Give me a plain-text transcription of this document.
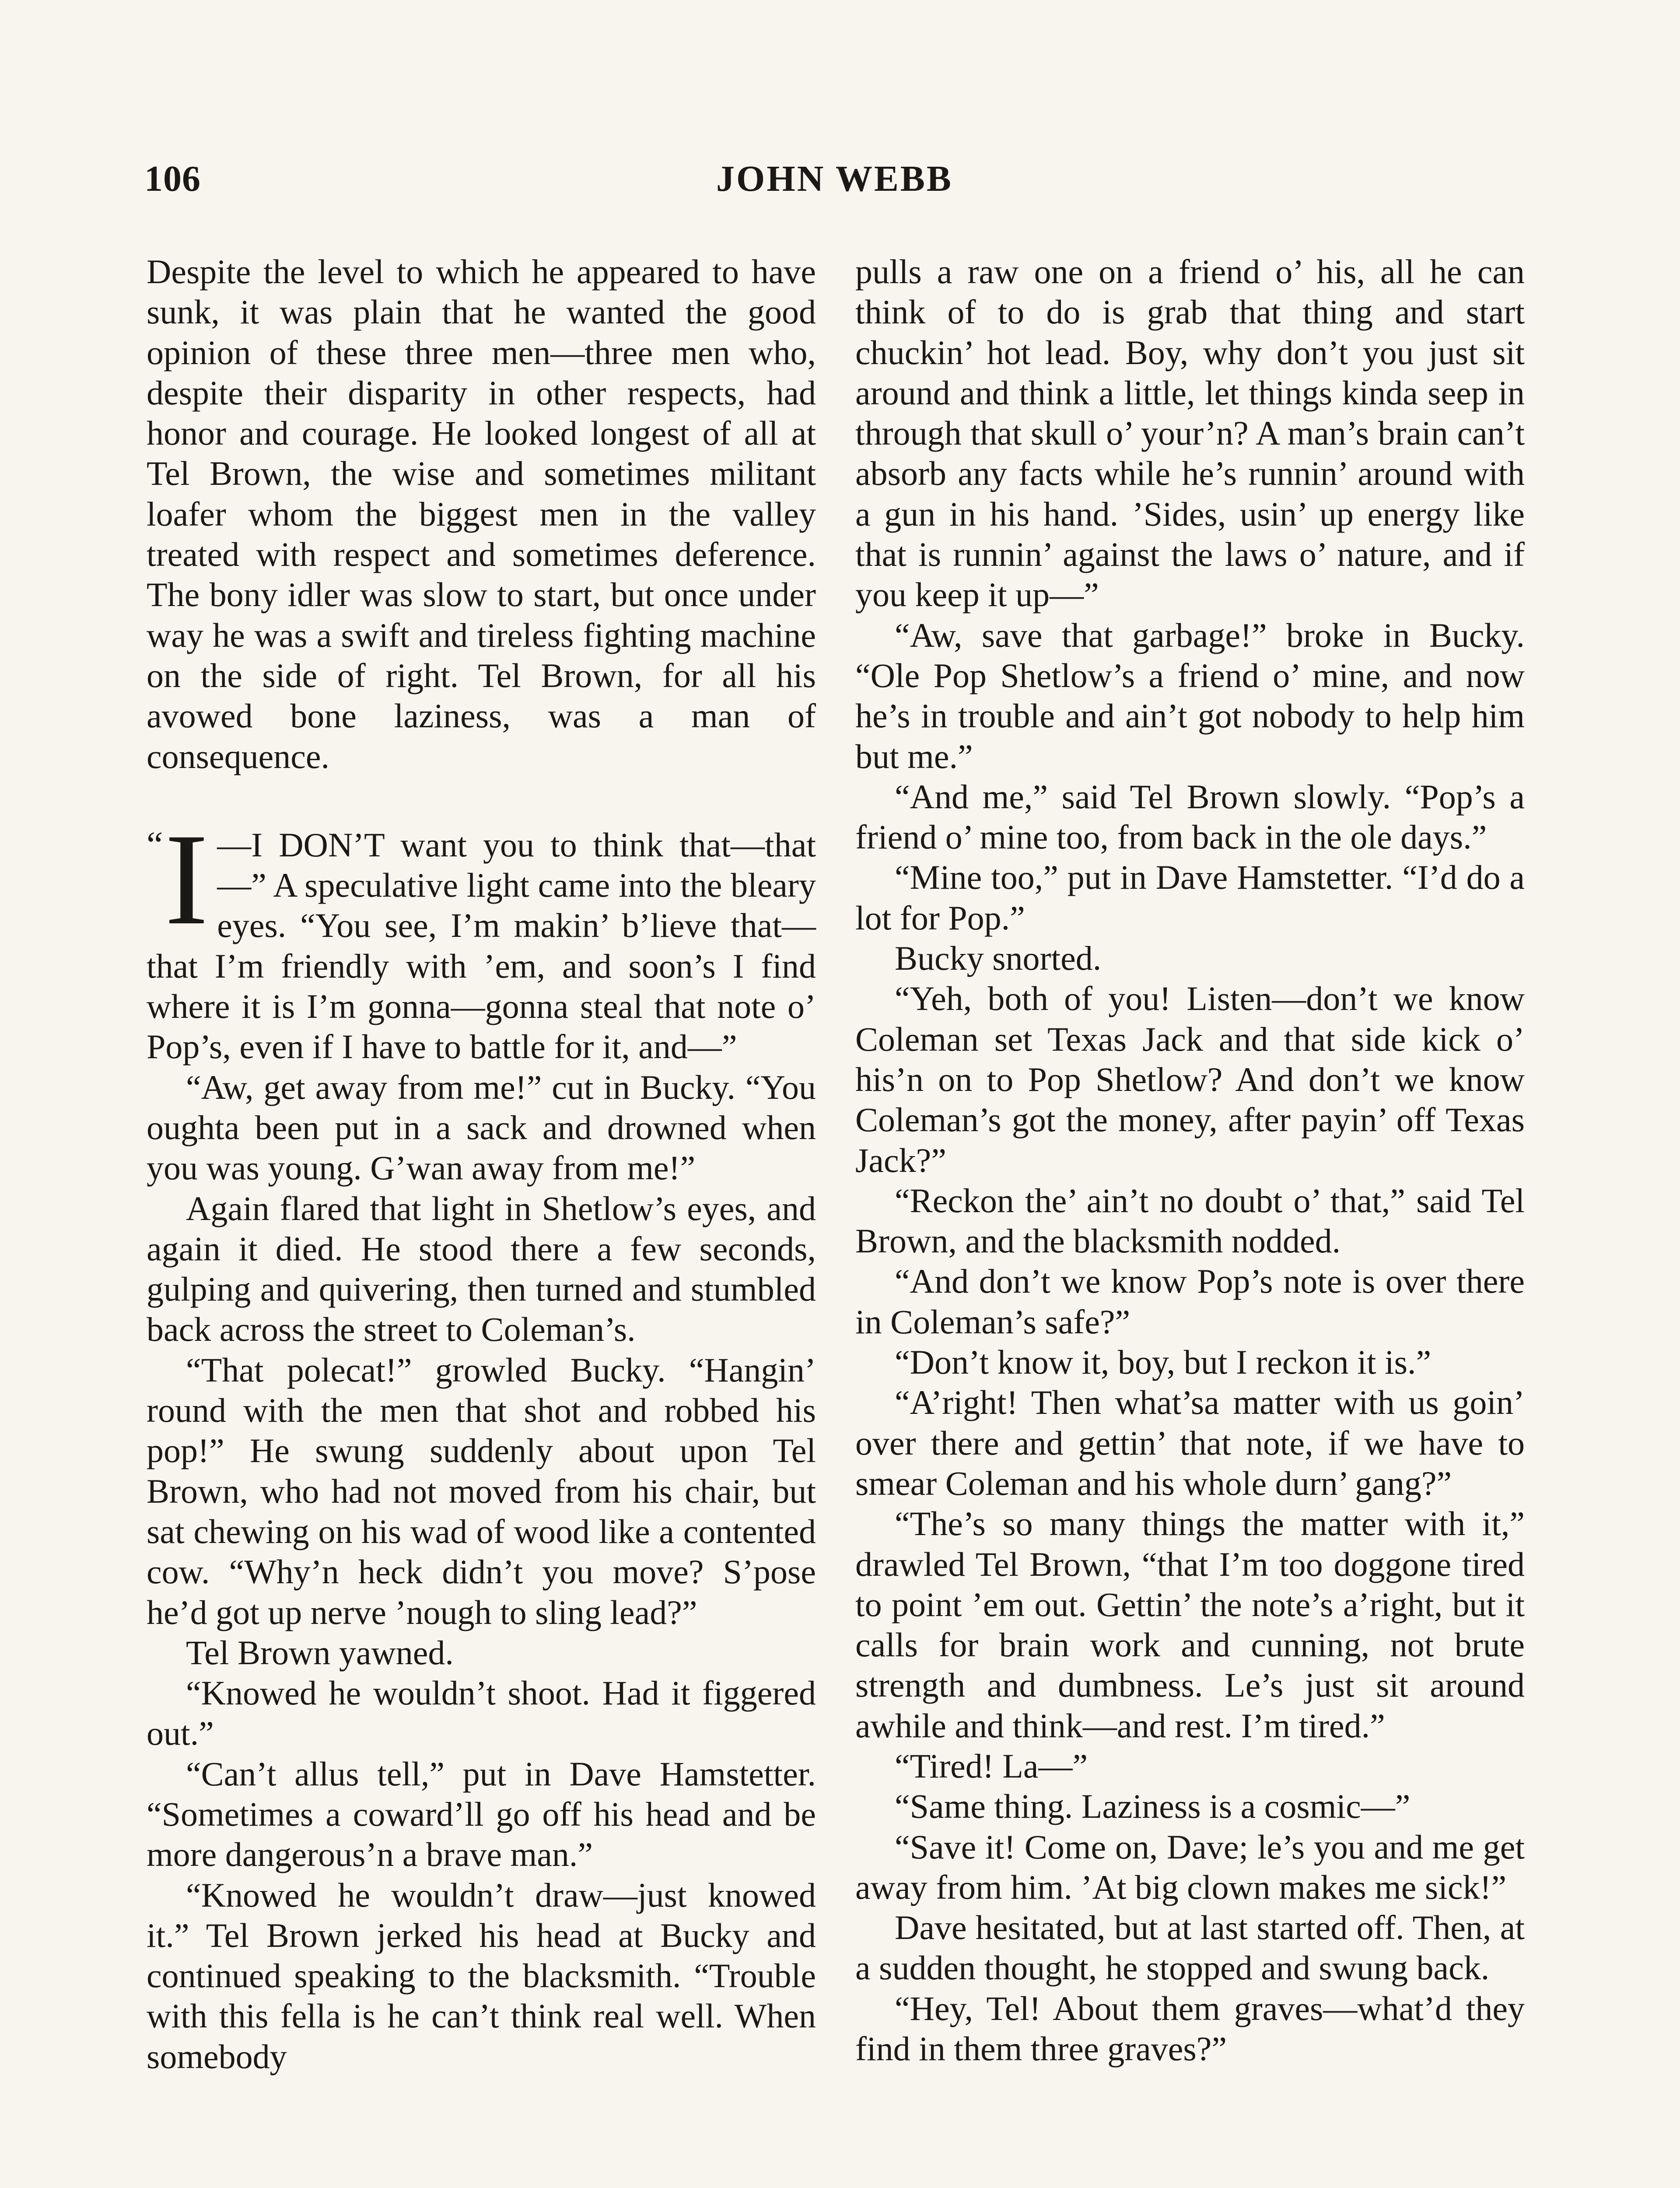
106	JOHN WEBB

Despite the level to which he appeared to have sunk, it was plain that he wanted the good opinion of these three men—three men who, despite their disparity in other respects, had honor and courage. He looked longest of all at Tel Brown, the wise and sometimes militant loafer whom the biggest men in the valley treated with respect and sometimes deference. The bony idler was slow to start, but once under way he was a swift and tireless fighting machine on the side of right. Tel Brown, for all his avowed bone laziness, was a man of consequence.

“ I —I DON’T want you to think that—that—” A speculative light came into the bleary eyes. “You see, I’m makin’ b’lieve that—that I’m friendly with ’em, and soon’s I find where it is I’m gonna—gonna steal that note o’ Pop’s, even if I have to battle for it, and—”

“Aw, get away from me!” cut in Bucky. “You oughta been put in a sack and drowned when you was young. G’wan away from me!”

Again flared that light in Shetlow’s eyes, and again it died. He stood there a few seconds, gulping and quivering, then turned and stumbled back across the street to Coleman’s.

“That polecat!” growled Bucky. “Hangin’ round with the men that shot and robbed his pop!” He swung suddenly about upon Tel Brown, who had not moved from his chair, but sat chewing on his wad of wood like a contented cow. “Why’n heck didn’t you move? S’pose he’d got up nerve ’nough to sling lead?”

Tel Brown yawned.

“Knowed he wouldn’t shoot. Had it figgered out.”

“Can’t allus tell,” put in Dave Hamstetter. “Sometimes a coward’ll go off his head and be more dangerous’n a brave man.”

“Knowed he wouldn’t draw—just knowed it.” Tel Brown jerked his head at Bucky and continued speaking to the blacksmith. “Trouble with this fella is he can’t think real well. When somebody

pulls a raw one on a friend o’ his, all he can think of to do is grab that thing and start chuckin’ hot lead. Boy, why don’t you just sit around and think a little, let things kinda seep in through that skull o’ your’n? A man’s brain can’t absorb any facts while he’s runnin’ around with a gun in his hand. ’Sides, usin’ up energy like that is runnin’ against the laws o’ nature, and if you keep it up—”

“Aw, save that garbage!” broke in Bucky. “Ole Pop Shetlow’s a friend o’ mine, and now he’s in trouble and ain’t got nobody to help him but me.”

“And me,” said Tel Brown slowly. “Pop’s a friend o’ mine too, from back in the ole days.”

“Mine too,” put in Dave Hamstetter. “I’d do a lot for Pop.”

Bucky snorted.

“Yeh, both of you! Listen—don’t we know Coleman set Texas Jack and that side kick o’ his’n on to Pop Shetlow? And don’t we know Coleman’s got the money, after payin’ off Texas Jack?”

“Reckon the’ ain’t no doubt o’ that,” said Tel Brown, and the blacksmith nodded.

“And don’t we know Pop’s note is over there in Coleman’s safe?”

“Don’t know it, boy, but I reckon it is.”

“A’right! Then what’sa matter with us goin’ over there and gettin’ that note, if we have to smear Coleman and his whole durn’ gang?”

“The’s so many things the matter with it,” drawled Tel Brown, “that I’m too doggone tired to point ’em out. Gettin’ the note’s a’right, but it calls for brain work and cunning, not brute strength and dumbness. Le’s just sit around awhile and think—and rest. I’m tired.”

“Tired! La—”

“Same thing. Laziness is a cosmic—”

“Save it! Come on, Dave; le’s you and me get away from him. ’At big clown makes me sick!”

Dave hesitated, but at last started off. Then, at a sudden thought, he stopped and swung back.

“Hey, Tel! About them graves—what’d they find in them three graves?”
